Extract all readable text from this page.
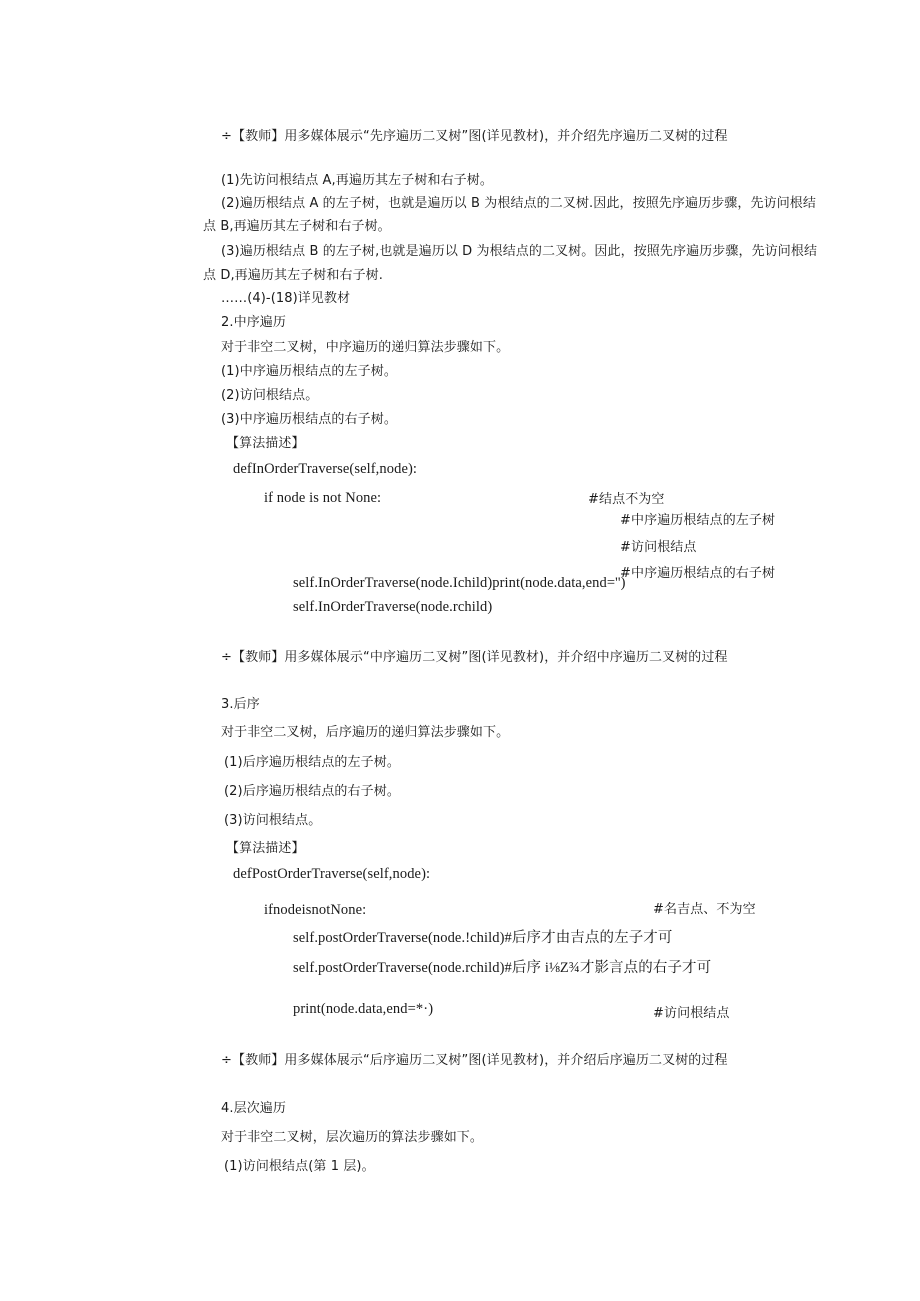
÷【教师】用多媒体展示“先序遍历二叉树”图(详见教材)，并介绍先序遍历二叉树的过程
(1)先访问根结点 A,再遍历其左子树和右子树。
(2)遍历根结点 A 的左子树，也就是遍历以 B 为根结点的二叉树.因此，按照先序遍历步骤，先访问根结
点 B,再遍历其左子树和右子树。
(3)遍历根结点 B 的左子树,也就是遍历以 D 为根结点的二叉树。因此，按照先序遍历步骤，先访问根结
点 D,再遍历其左子树和右子树.
……(4)-(18)详见教材
2.中序遍历
对于非空二叉树，中序遍历的递归算法步骤如下。
(1)中序遍历根结点的左子树。
(2)访问根结点。
(3)中序遍历根结点的右子树。
【算法描述】
defInOrderTraverse(self,node):
if node is not None:	#结点不为空
#中序遍历根结点的左子树
#访问根结点
#中序遍历根结点的右子树
self.InOrderTraverse(node.Ichild)print(node.data,end='')
self.InOrderTraverse(node.rchild)
÷【教师】用多媒体展示“中序遍历二叉树”图(详见教材)，并介绍中序遍历二叉树的过程
3.后序
对于非空二叉树，后序遍历的递归算法步骤如下。
(1)后序遍历根结点的左子树。
(2)后序遍历根结点的右子树。
(3)访问根结点。
【算法描述】
defPostOrderTraverse(self,node):
ifnodeisnotNone:	#名吉点、不为空
self.postOrderTraverse(node.!child)#后序才由吉点的左子才可
self.postOrderTraverse(node.rchild)#后序 i⅛Z¾才影言点的右子才可
print(node.data,end=*·)	#访问根结点
÷【教师】用多媒体展示“后序遍历二叉树”图(详见教材)，并介绍后序遍历二叉树的过程
4.层次遍历
对于非空二叉树，层次遍历的算法步骤如下。
(1)访问根结点(第 1 层)。
